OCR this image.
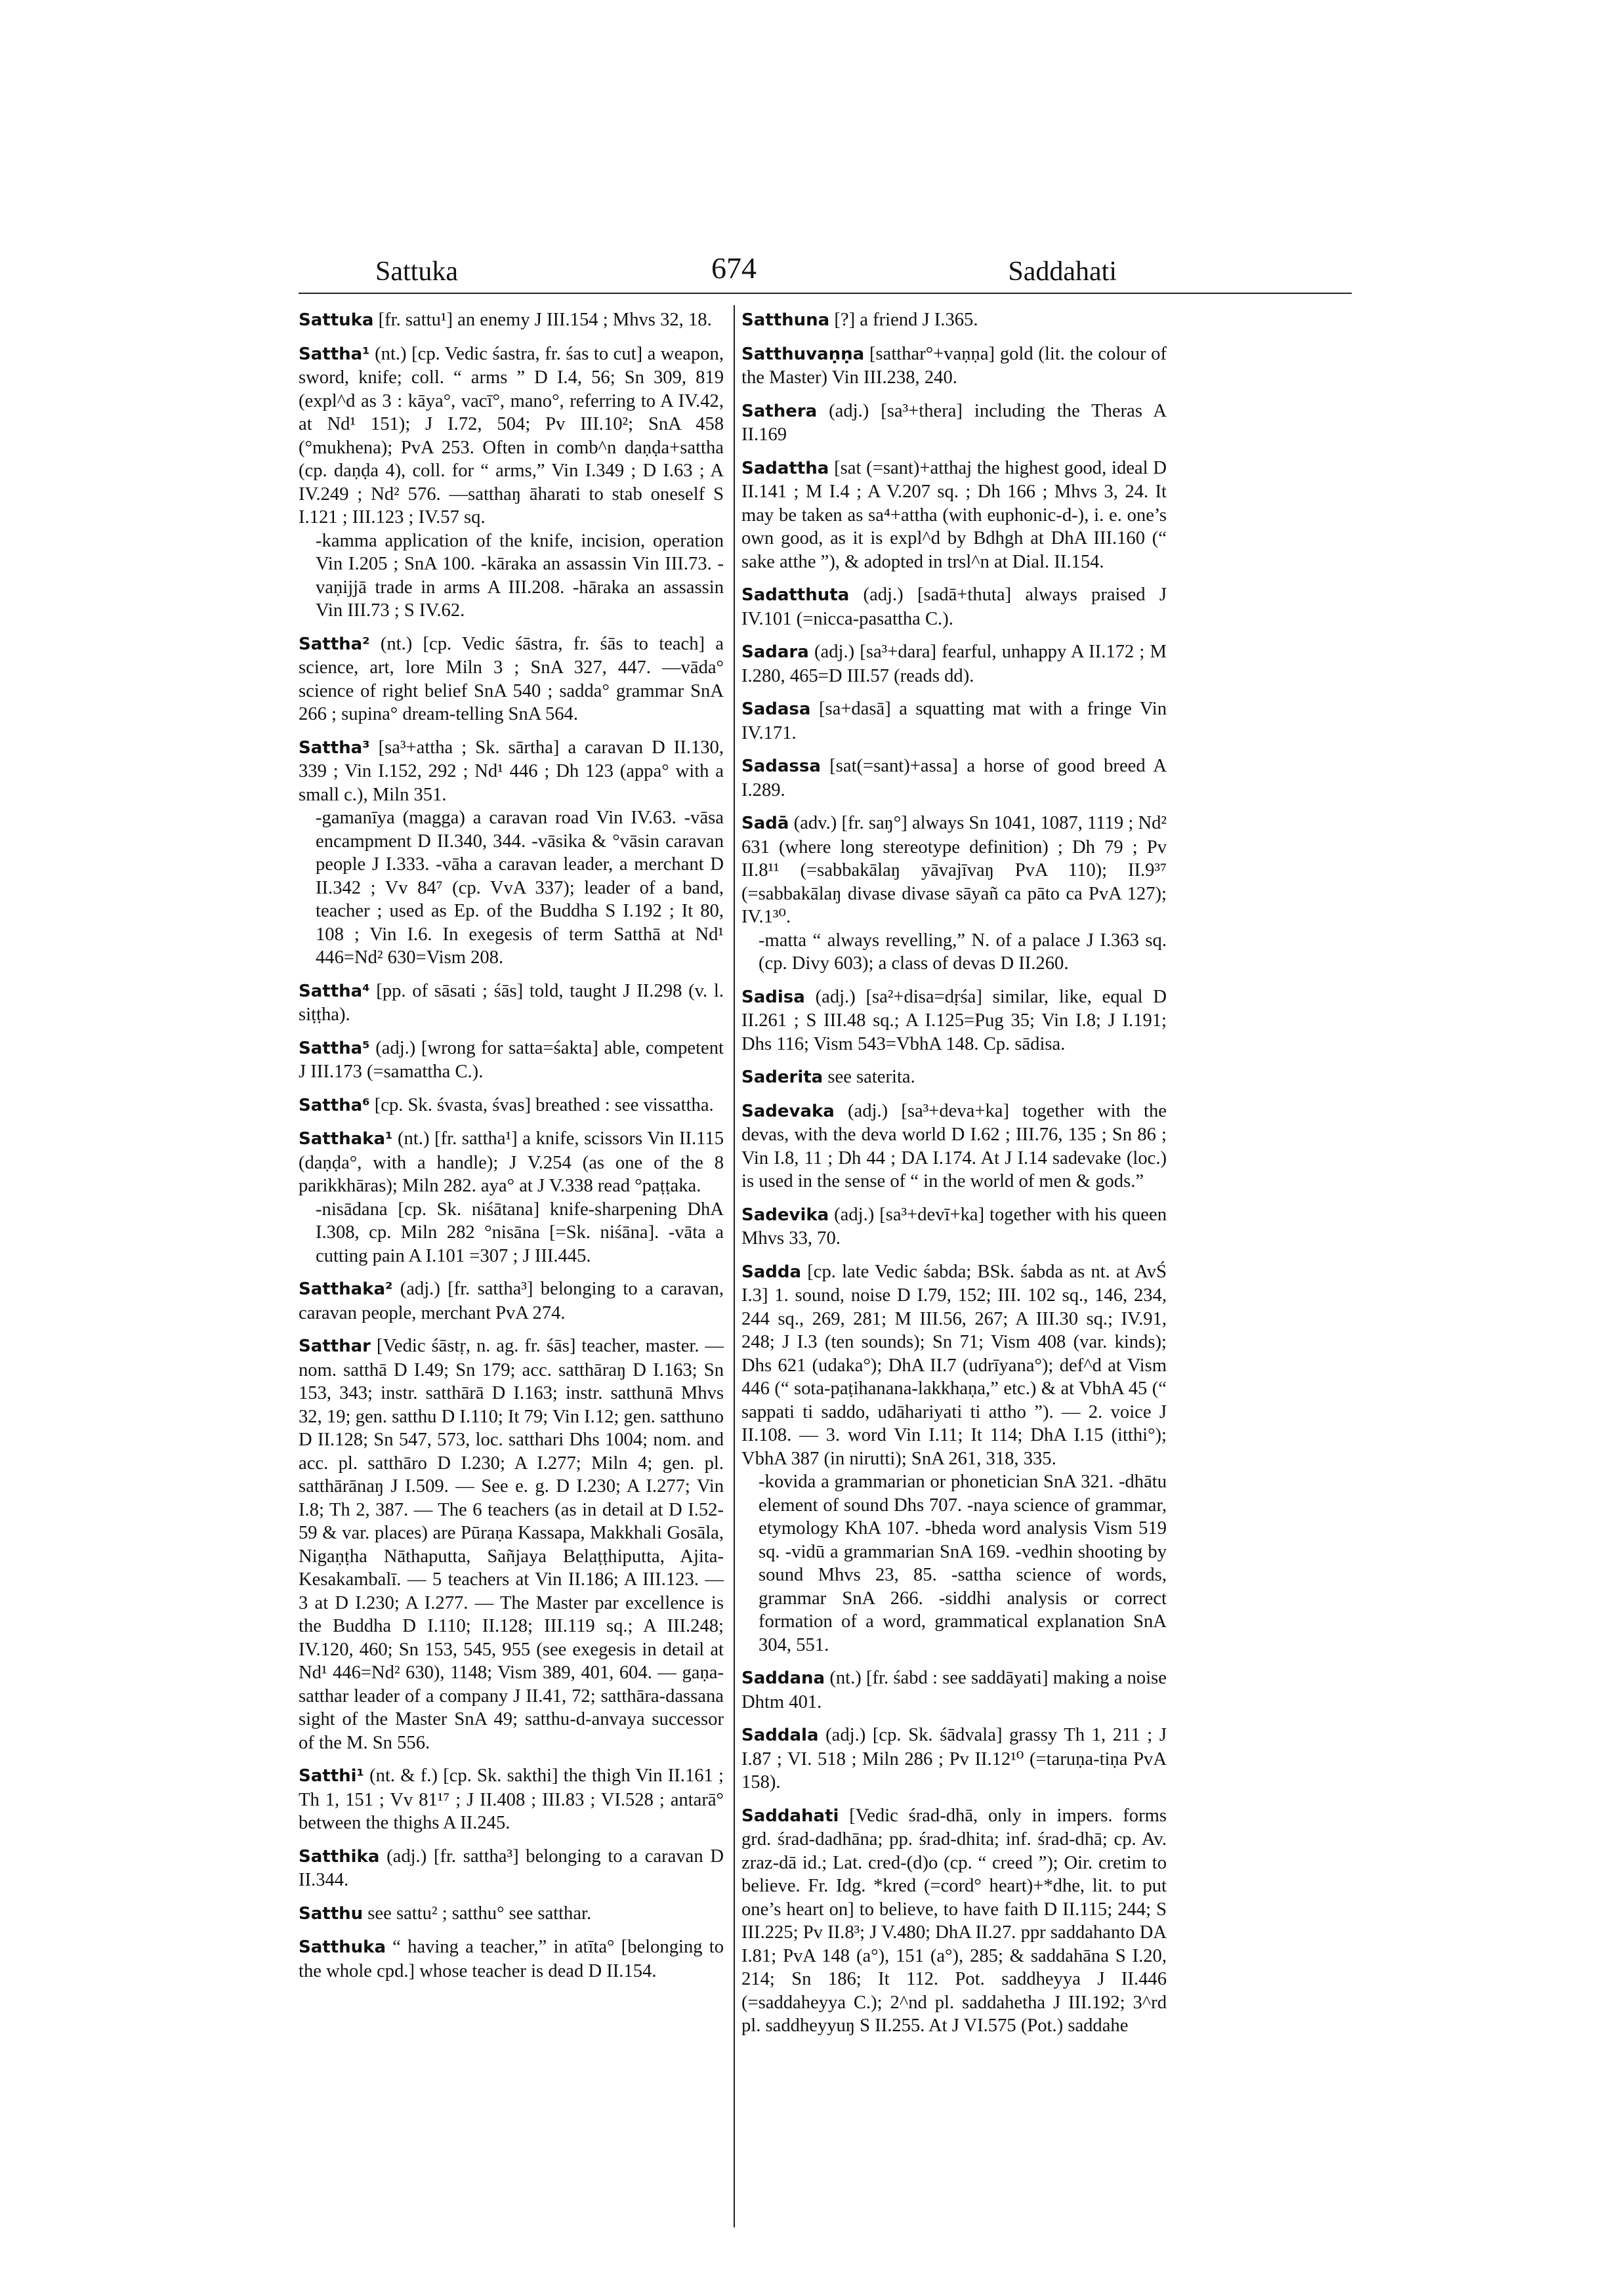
Sattuka	674	Saddahati

Sattuka [fr. sattu¹] an enemy J III.154 ; Mhvs 32, 18.

Sattha¹ (nt.) [cp. Vedic śastra, fr. śas to cut] a weapon, sword, knife; coll. “ arms ” D I.4, 56; Sn 309, 819 (expl^d as 3 : kāya°, vacī°, mano°, referring to A IV.42, at Nd¹ 151); J I.72, 504; Pv III.10²; SnA 458 (°mukhena); PvA 253. Often in comb^n daṇḍa+sattha (cp. daṇḍa 4), coll. for “ arms,” Vin I.349 ; D I.63 ; A IV.249 ; Nd² 576. —satthaŋ āharati to stab oneself S I.121 ; III.123 ; IV.57 sq.

-kamma application of the knife, incision, operation Vin I.205 ; SnA 100. -kāraka an assassin Vin III.73. -vaṇijjā trade in arms A III.208. -hāraka an assassin Vin III.73 ; S IV.62.

Sattha² (nt.) [cp. Vedic śāstra, fr. śās to teach] a science, art, lore Miln 3 ; SnA 327, 447. —vāda° science of right belief SnA 540 ; sadda° grammar SnA 266 ; supina° dream-telling SnA 564.

Sattha³ [sa³+attha ; Sk. sārtha] a caravan D II.130, 339 ; Vin I.152, 292 ; Nd¹ 446 ; Dh 123 (appa° with a small c.), Miln 351.

-gamanīya (magga) a caravan road Vin IV.63. -vāsa encampment D II.340, 344. -vāsika & °vāsin caravan people J I.333. -vāha a caravan leader, a merchant D II.342 ; Vv 84⁷ (cp. VvA 337); leader of a band, teacher ; used as Ep. of the Buddha S I.192 ; It 80, 108 ; Vin I.6. In exegesis of term Satthā at Nd¹ 446=Nd² 630=Vism 208.

Sattha⁴ [pp. of sāsati ; śās] told, taught J II.298 (v. l. siṭṭha).

Sattha⁵ (adj.) [wrong for satta=śakta] able, competent J III.173 (=samattha C.).

Sattha⁶ [cp. Sk. śvasta, śvas] breathed : see vissattha.

Satthaka¹ (nt.) [fr. sattha¹] a knife, scissors Vin II.115 (daṇḍa°, with a handle); J V.254 (as one of the 8 parikkhāras); Miln 282. aya° at J V.338 read °paṭṭaka.

-nisādana [cp. Sk. niśātana] knife-sharpening DhA I.308, cp. Miln 282 °nisāna [=Sk. niśāna]. -vāta a cutting pain A I.101 =307 ; J III.445.

Satthaka² (adj.) [fr. sattha³] belonging to a caravan, caravan people, merchant PvA 274.

Satthar [Vedic śāstṛ, n. ag. fr. śās] teacher, master. — nom. satthā D I.49; Sn 179; acc. satthāraŋ D I.163; Sn 153, 343; instr. satthārā D I.163; instr. satthunā Mhvs 32, 19; gen. satthu D I.110; It 79; Vin I.12; gen. satthuno D II.128; Sn 547, 573, loc. satthari Dhs 1004; nom. and acc. pl. satthāro D I.230; A I.277; Miln 4; gen. pl. satthārānaŋ J I.509. — See e. g. D I.230; A I.277; Vin I.8; Th 2, 387. — The 6 teachers (as in detail at D I.52-59 & var. places) are Pūraṇa Kassapa, Makkhali Gosāla, Nigaṇṭha Nāthaputta, Sañjaya Belaṭṭhiputta, Ajita-Kesakambalī. — 5 teachers at Vin II.186; A III.123. — 3 at D I.230; A I.277. — The Master par excellence is the Buddha D I.110; II.128; III.119 sq.; A III.248; IV.120, 460; Sn 153, 545, 955 (see exegesis in detail at Nd¹ 446=Nd² 630), 1148; Vism 389, 401, 604. — gaṇa-satthar leader of a company J II.41, 72; satthāra-dassana sight of the Master SnA 49; satthu-d-anvaya successor of the M. Sn 556.

Satthi¹ (nt. & f.) [cp. Sk. sakthi] the thigh Vin II.161 ; Th 1, 151 ; Vv 81¹⁷ ; J II.408 ; III.83 ; VI.528 ; antarā° between the thighs A II.245.

Satthika (adj.) [fr. sattha³] belonging to a caravan D II.344.

Satthu see sattu² ; satthu° see satthar.

Satthuka “ having a teacher,” in atīta° [belonging to the whole cpd.] whose teacher is dead D II.154.

Satthuna [?] a friend J I.365.

Satthuvaṇṇa [satthar°+vaṇṇa] gold (lit. the colour of the Master) Vin III.238, 240.

Sathera (adj.) [sa³+thera] including the Theras A II.169

Sadattha [sat (=sant)+atthaj the highest good, ideal D II.141 ; M I.4 ; A V.207 sq. ; Dh 166 ; Mhvs 3, 24. It may be taken as sa⁴+attha (with euphonic-d-), i. e. one’s own good, as it is expl^d by Bdhgh at DhA III.160 (“ sake atthe ”), & adopted in trsl^n at Dial. II.154.

Sadatthuta (adj.) [sadā+thuta] always praised J IV.101 (=nicca-pasattha C.).

Sadara (adj.) [sa³+dara] fearful, unhappy A II.172 ; M I.280, 465=D III.57 (reads dd).

Sadasa [sa+dasā] a squatting mat with a fringe Vin IV.171.

Sadassa [sat(=sant)+assa] a horse of good breed A I.289.

Sadā (adv.) [fr. saŋ°] always Sn 1041, 1087, 1119 ; Nd² 631 (where long stereotype definition) ; Dh 79 ; Pv II.8¹¹ (=sabbakālaŋ yāvajīvaŋ PvA 110); II.9³⁷ (=sabbakālaŋ divase divase sāyañ ca pāto ca PvA 127); IV.1³⁰.

-matta “ always revelling,” N. of a palace J I.363 sq. (cp. Divy 603); a class of devas D II.260.

Sadisa (adj.) [sa²+disa=dṛśa] similar, like, equal D II.261 ; S III.48 sq.; A I.125=Pug 35; Vin I.8; J I.191; Dhs 116; Vism 543=VbhA 148. Cp. sādisa.

Saderita see saterita.

Sadevaka (adj.) [sa³+deva+ka] together with the devas, with the deva world D I.62 ; III.76, 135 ; Sn 86 ; Vin I.8, 11 ; Dh 44 ; DA I.174. At J I.14 sadevake (loc.) is used in the sense of “ in the world of men & gods.”

Sadevika (adj.) [sa³+devī+ka] together with his queen Mhvs 33, 70.

Sadda [cp. late Vedic śabda; BSk. śabda as nt. at AvŚ I.3] 1. sound, noise D I.79, 152; III. 102 sq., 146, 234, 244 sq., 269, 281; M III.56, 267; A III.30 sq.; IV.91, 248; J I.3 (ten sounds); Sn 71; Vism 408 (var. kinds); Dhs 621 (udaka°); DhA II.7 (udrīyana°); def^d at Vism 446 (“ sota-paṭihanana-lakkhaṇa,” etc.) & at VbhA 45 (“ sappati ti saddo, udāhariyati ti attho ”). — 2. voice J II.108. — 3. word Vin I.11; It 114; DhA I.15 (itthi°); VbhA 387 (in nirutti); SnA 261, 318, 335.

-kovida a grammarian or phonetician SnA 321. -dhātu element of sound Dhs 707. -naya science of grammar, etymology KhA 107. -bheda word analysis Vism 519 sq. -vidū a grammarian SnA 169. -vedhin shooting by sound Mhvs 23, 85. -sattha science of words, grammar SnA 266. -siddhi analysis or correct formation of a word, grammatical explanation SnA 304, 551.

Saddana (nt.) [fr. śabd : see saddāyati] making a noise Dhtm 401.

Saddala (adj.) [cp. Sk. śādvala] grassy Th 1, 211 ; J I.87 ; VI. 518 ; Miln 286 ; Pv II.12¹⁰ (=taruṇa-tiṇa PvA 158).

Saddahati [Vedic śrad-dhā, only in impers. forms grd. śrad-dadhāna; pp. śrad-dhita; inf. śrad-dhā; cp. Av. zraz-dā id.; Lat. cred-(d)o (cp. “ creed ”); Oir. cretim to believe. Fr. Idg. *kred (=cord° heart)+*dhe, lit. to put one’s heart on] to believe, to have faith D II.115; 244; S III.225; Pv II.8³; J V.480; DhA II.27. ppr saddahanto DA I.81; PvA 148 (a°), 151 (a°), 285; & saddahāna S I.20, 214; Sn 186; It 112. Pot. saddheyya J II.446 (=saddaheyya C.); 2^nd pl. saddahetha J III.192; 3^rd pl. saddheyyuŋ S II.255. At J VI.575 (Pot.) saddahe
